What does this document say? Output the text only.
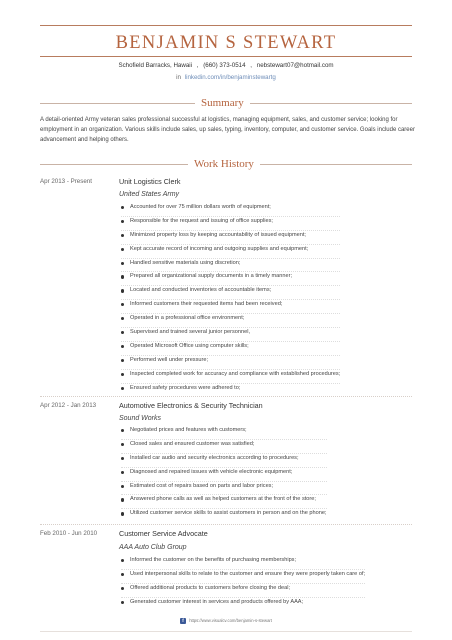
BENJAMIN S STEWART
Schofield Barracks, Hawaii , (660) 373-0514 , nebstewart07@hotmail.com
in linkedin.com/in/benjaminstewartg
Summary
A detail-oriented Army veteran sales professional successful at logistics, managing equipment, sales, and customer service; looking for employment in an organization. Various skills include sales, up sales, typing, inventory, computer, and customer service. Goals include career advancement and helping others.
Work History
Apr 2013 - Present	Unit Logistics Clerk
United States Army
Accounted for over 75 million dollars worth of equipment;
Responsible for the request and issuing of office supplies;
Minimized property loss by keeping accountability of issued equipment;
Kept accurate record of incoming and outgoing supplies and equipment;
Handled sensitive materials using discretion;
Prepared all organizational supply documents in a timely manner;
Located and conducted inventories of accountable items;
Informed customers their requested items had been received;
Operated in a professional office environment;
Supervised and trained several junior personnel,
Operated Microsoft Office using computer skills;
Performed well under pressure;
Inspected completed work for accuracy and compliance with established procedures;
Ensured safety procedures were adhered to;
Apr 2012 - Jan 2013	Automotive Electronics & Security Technician
Sound Works
Negotiated prices and features with customers;
Closed sales and ensured customer was satisfied;
Installed car audio and security electronics according to procedures;
Diagnosed and repaired issues with vehicle electronic equipment;
Estimated cost of repairs based on parts and labor prices;
Answered phone calls as well as helped customers at the front of the store;
Utilized customer service skills to assist customers in person and on the phone;
Feb 2010 - Jun 2010	Customer Service Advocate
AAA Auto Club Group
Informed the customer on the benefits of purchasing memberships;
Used interpersonal skills to relate to the customer and ensure they were properly taken care of;
Offered additional products to customers before closing the deal;
Generated customer interest in services and products offered by AAA;
f https://www.visualcv.com/benjamin-s-stewart
